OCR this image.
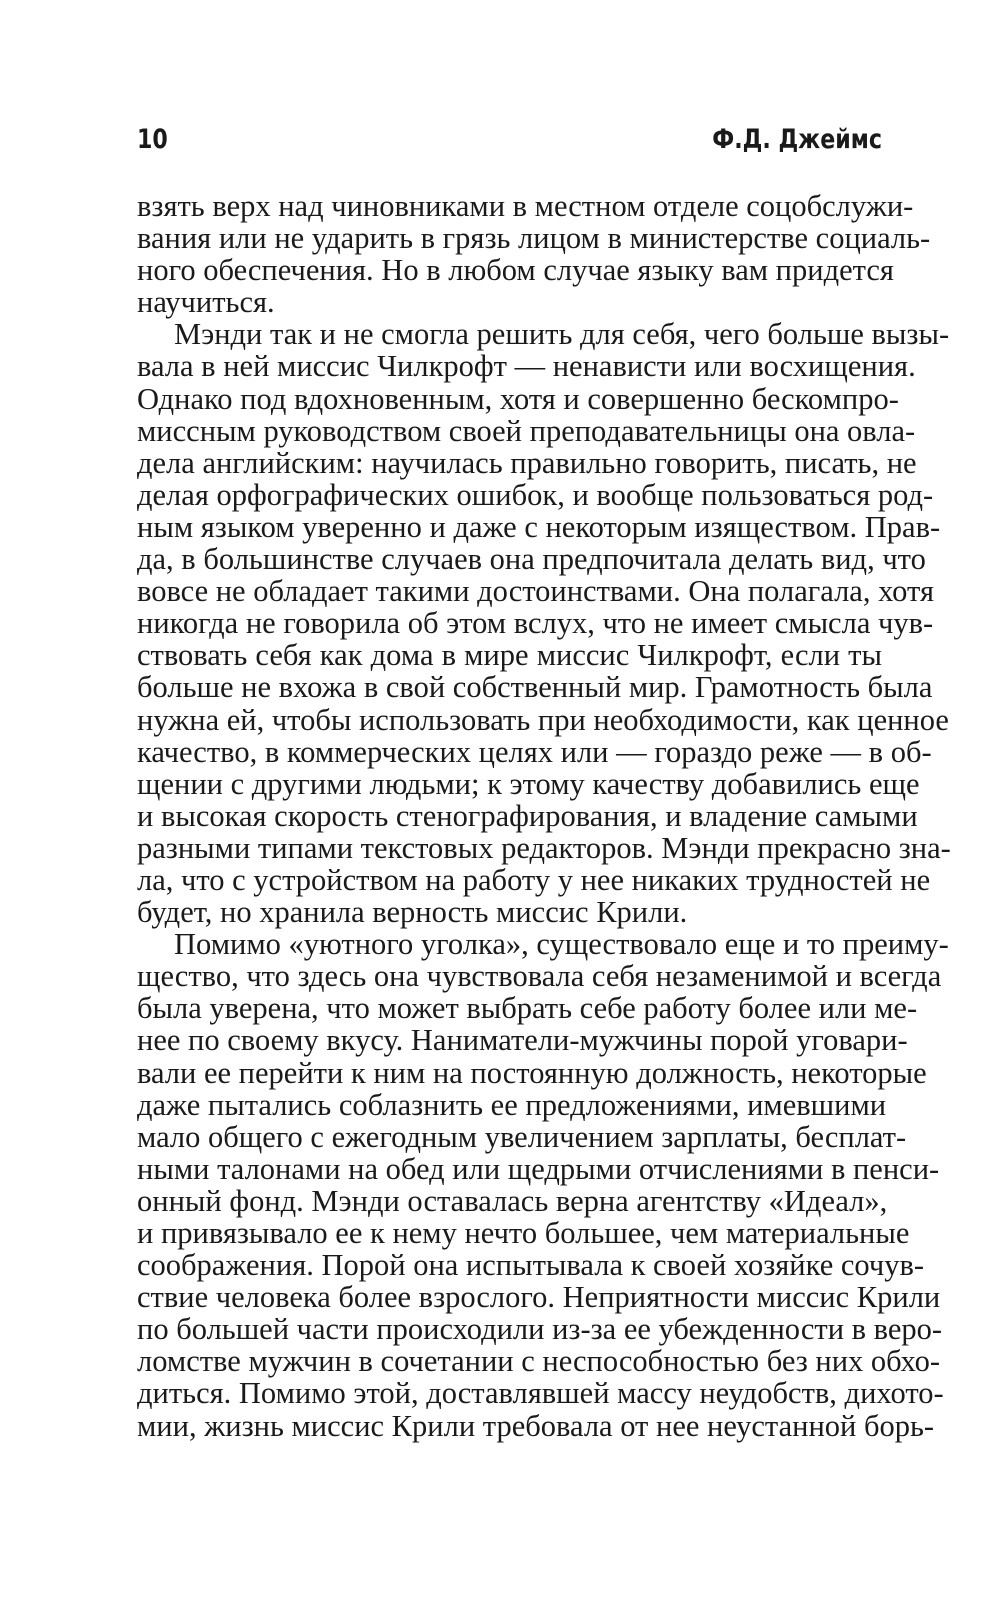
10	Ф.Д. Джеймс
взять верх над чиновниками в местном отделе соцобслужи-
вания или не ударить в грязь лицом в министерстве социаль-
ного обеспечения. Но в любом случае языку вам придется
научиться.
Мэнди так и не смогла решить для себя, чего больше вызы-
вала в ней миссис Чилкрофт — ненависти или восхищения.
Однако под вдохновенным, хотя и совершенно бескомпро-
миссным руководством своей преподавательницы она овла-
дела английским: научилась правильно говорить, писать, не
делая орфографических ошибок, и вообще пользоваться род-
ным языком уверенно и даже с некоторым изяществом. Прав-
да, в большинстве случаев она предпочитала делать вид, что
вовсе не обладает такими достоинствами. Она полагала, хотя
никогда не говорила об этом вслух, что не имеет смысла чув-
ствовать себя как дома в мире миссис Чилкрофт, если ты
больше не вхожа в свой собственный мир. Грамотность была
нужна ей, чтобы использовать при необходимости, как ценное
качество, в коммерческих целях или — гораздо реже — в об-
щении с другими людьми; к этому качеству добавились еще
и высокая скорость стенографирования, и владение самыми
разными типами текстовых редакторов. Мэнди прекрасно зна-
ла, что с устройством на работу у нее никаких трудностей не
будет, но хранила верность миссис Крили.
Помимо «уютного уголка», существовало еще и то преиму-
щество, что здесь она чувствовала себя незаменимой и всегда
была уверена, что может выбрать себе работу более или ме-
нее по своему вкусу. Наниматели-мужчины порой уговари-
вали ее перейти к ним на постоянную должность, некоторые
даже пытались соблазнить ее предложениями, имевшими
мало общего с ежегодным увеличением зарплаты, бесплат-
ными талонами на обед или щедрыми отчислениями в пенси-
онный фонд. Мэнди оставалась верна агентству «Идеал»,
и привязывало ее к нему нечто большее, чем материальные
соображения. Порой она испытывала к своей хозяйке сочув-
ствие человека более взрослого. Неприятности миссис Крили
по большей части происходили из-за ее убежденности в веро-
ломстве мужчин в сочетании с неспособностью без них обхо-
диться. Помимо этой, доставлявшей массу неудобств, дихото-
мии, жизнь миссис Крили требовала от нее неустанной борь-
